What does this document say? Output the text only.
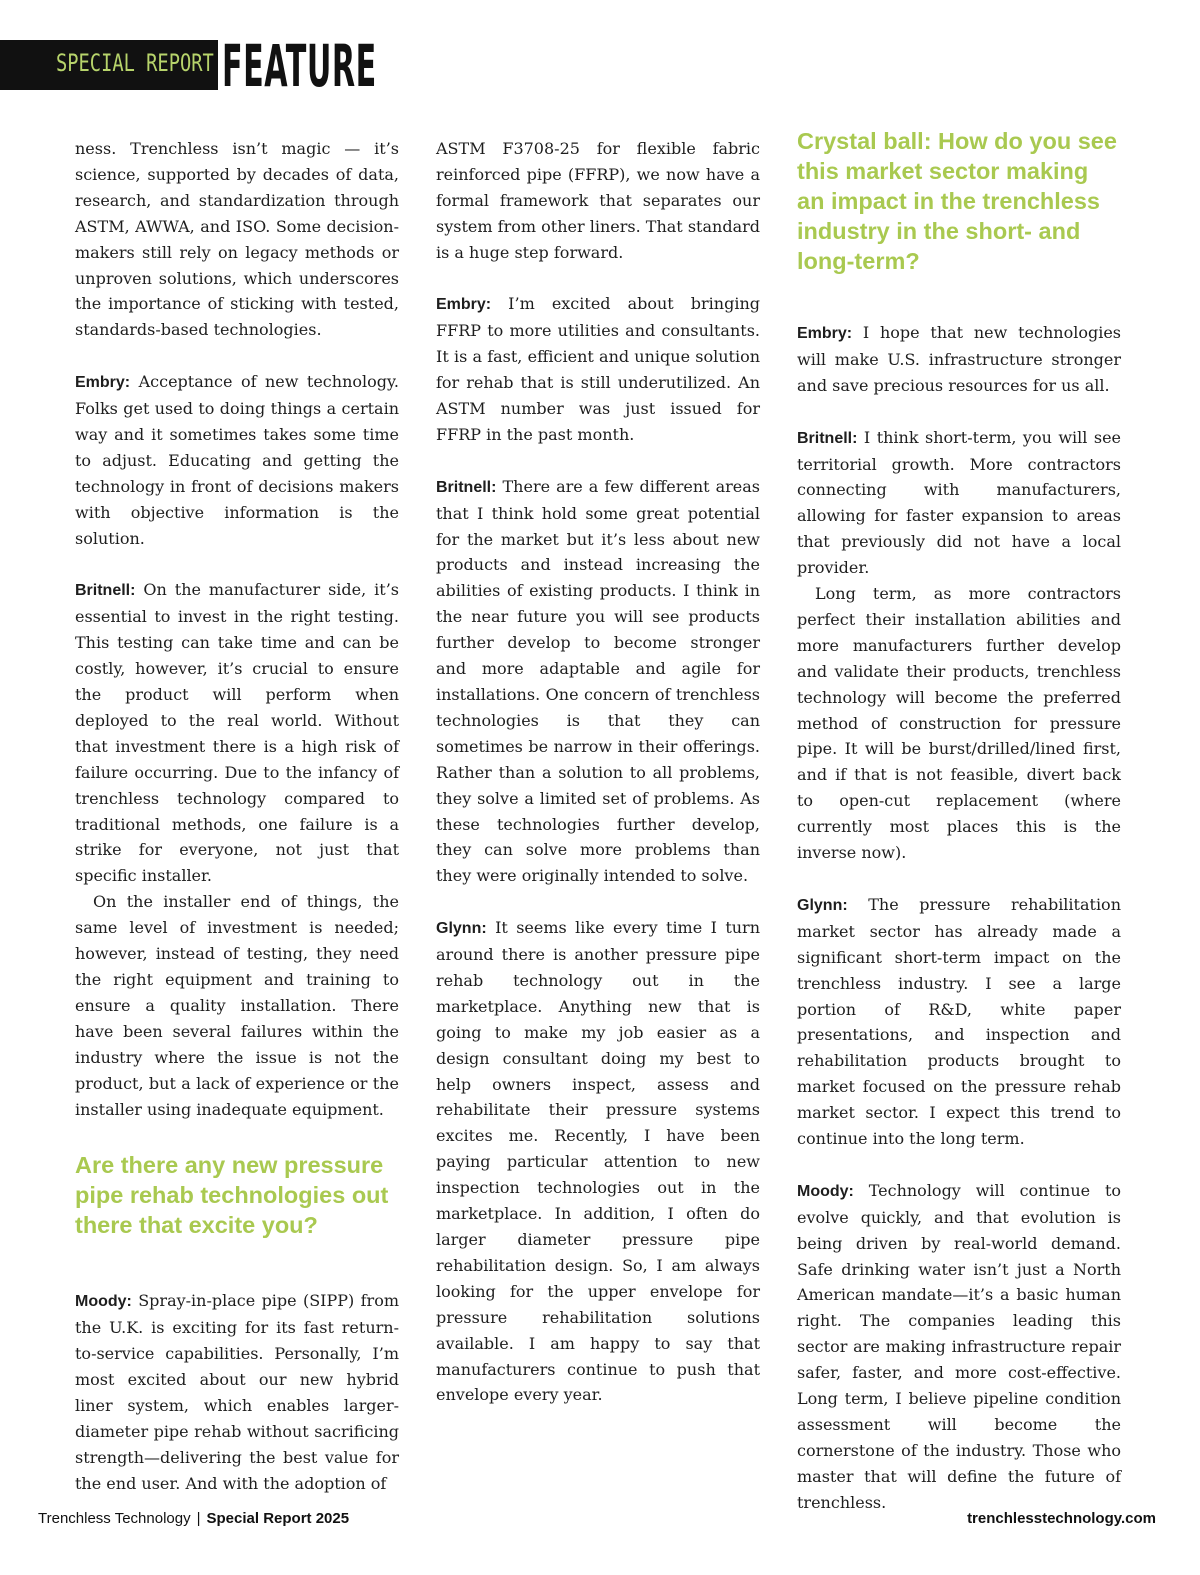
SPECIAL REPORT FEATURE

ness. Trenchless isn’t magic — it’s science, supported by decades of data, research, and standardization through ASTM, AWWA, and ISO. Some decision-makers still rely on legacy methods or unproven solutions, which underscores the importance of sticking with tested, standards-based technologies.

Embry: Acceptance of new technology. Folks get used to doing things a certain way and it sometimes takes some time to adjust. Educating and getting the technology in front of decisions makers with objective information is the solution.

Britnell: On the manufacturer side, it’s essential to invest in the right testing. This testing can take time and can be costly, however, it’s crucial to ensure the product will perform when deployed to the real world. Without that investment there is a high risk of failure occurring. Due to the infancy of trenchless technology compared to traditional methods, one failure is a strike for everyone, not just that specific installer.

On the installer end of things, the same level of investment is needed; however, instead of testing, they need the right equipment and training to ensure a quality installation. There have been several failures within the industry where the issue is not the product, but a lack of experience or the installer using inadequate equipment.

Are there any new pressure pipe rehab technologies out there that excite you?

Moody: Spray-in-place pipe (SIPP) from the U.K. is exciting for its fast return-to-service capabilities. Personally, I’m most excited about our new hybrid liner system, which enables larger-diameter pipe rehab without sacrificing strength—delivering the best value for the end user. And with the adoption of

ASTM F3708-25 for flexible fabric reinforced pipe (FFRP), we now have a formal framework that separates our system from other liners. That standard is a huge step forward.

Embry: I’m excited about bringing FFRP to more utilities and consultants. It is a fast, efficient and unique solution for rehab that is still underutilized. An ASTM number was just issued for FFRP in the past month.

Britnell: There are a few different areas that I think hold some great potential for the market but it’s less about new products and instead increasing the abilities of existing products. I think in the near future you will see products further develop to become stronger and more adaptable and agile for installations. One concern of trenchless technologies is that they can sometimes be narrow in their offerings. Rather than a solution to all problems, they solve a limited set of problems. As these technologies further develop, they can solve more problems than they were originally intended to solve.

Glynn: It seems like every time I turn around there is another pressure pipe rehab technology out in the marketplace. Anything new that is going to make my job easier as a design consultant doing my best to help owners inspect, assess and rehabilitate their pressure systems excites me. Recently, I have been paying particular attention to new inspection technologies out in the marketplace. In addition, I often do larger diameter pressure pipe rehabilitation design. So, I am always looking for the upper envelope for pressure rehabilitation solutions available. I am happy to say that manufacturers continue to push that envelope every year.

Crystal ball: How do you see this market sector making an impact in the trenchless industry in the short- and long-term?

Embry: I hope that new technologies will make U.S. infrastructure stronger and save precious resources for us all.

Britnell: I think short-term, you will see territorial growth. More contractors connecting with manufacturers, allowing for faster expansion to areas that previously did not have a local provider.

Long term, as more contractors perfect their installation abilities and more manufacturers further develop and validate their products, trenchless technology will become the preferred method of construction for pressure pipe. It will be burst/drilled/lined first, and if that is not feasible, divert back to open-cut replacement (where currently most places this is the inverse now).

Glynn: The pressure rehabilitation market sector has already made a significant short-term impact on the trenchless industry. I see a large portion of R&D, white paper presentations, and inspection and rehabilitation products brought to market focused on the pressure rehab market sector. I expect this trend to continue into the long term.

Moody: Technology will continue to evolve quickly, and that evolution is being driven by real-world demand. Safe drinking water isn’t just a North American mandate—it’s a basic human right. The companies leading this sector are making infrastructure repair safer, faster, and more cost-effective. Long term, I believe pipeline condition assessment will become the cornerstone of the industry. Those who master that will define the future of trenchless.

Trenchless Technology | Special Report 2025	trenchlesstechnology.com
